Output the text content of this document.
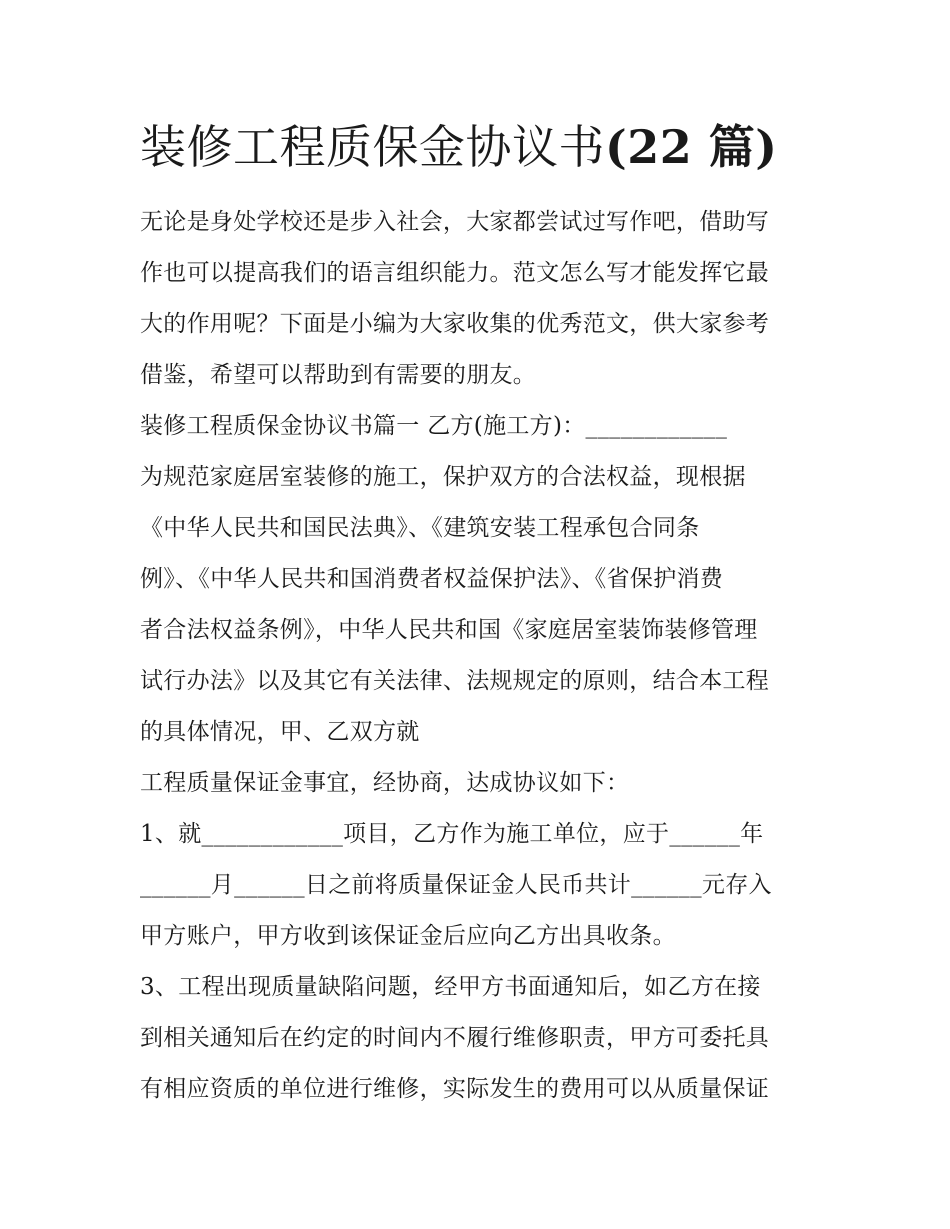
装修工程质保金协议书(22 篇)

无论是身处学校还是步入社会，大家都尝试过写作吧，借助写

作也可以提高我们的语言组织能力。范文怎么写才能发挥它最

大的作用呢？下面是小编为大家收集的优秀范文，供大家参考

借鉴，希望可以帮助到有需要的朋友。

装修工程质保金协议书篇一 乙方(施工方)：____________

为规范家庭居室装修的施工，保护双方的合法权益，现根据

《中华人民共和国民法典》、《建筑安装工程承包合同条

例》、《中华人民共和国消费者权益保护法》、《省保护消费

者合法权益条例》，中华人民共和国《家庭居室装饰装修管理

试行办法》以及其它有关法律、法规规定的原则，结合本工程

的具体情况，甲、乙双方就

工程质量保证金事宜，经协商，达成协议如下：

1、就____________项目，乙方作为施工单位，应于______年

______月______日之前将质量保证金人民币共计______元存入

甲方账户，甲方收到该保证金后应向乙方出具收条。

3、工程出现质量缺陷问题，经甲方书面通知后，如乙方在接

到相关通知后在约定的时间内不履行维修职责，甲方可委托具

有相应资质的单位进行维修，实际发生的费用可以从质量保证
